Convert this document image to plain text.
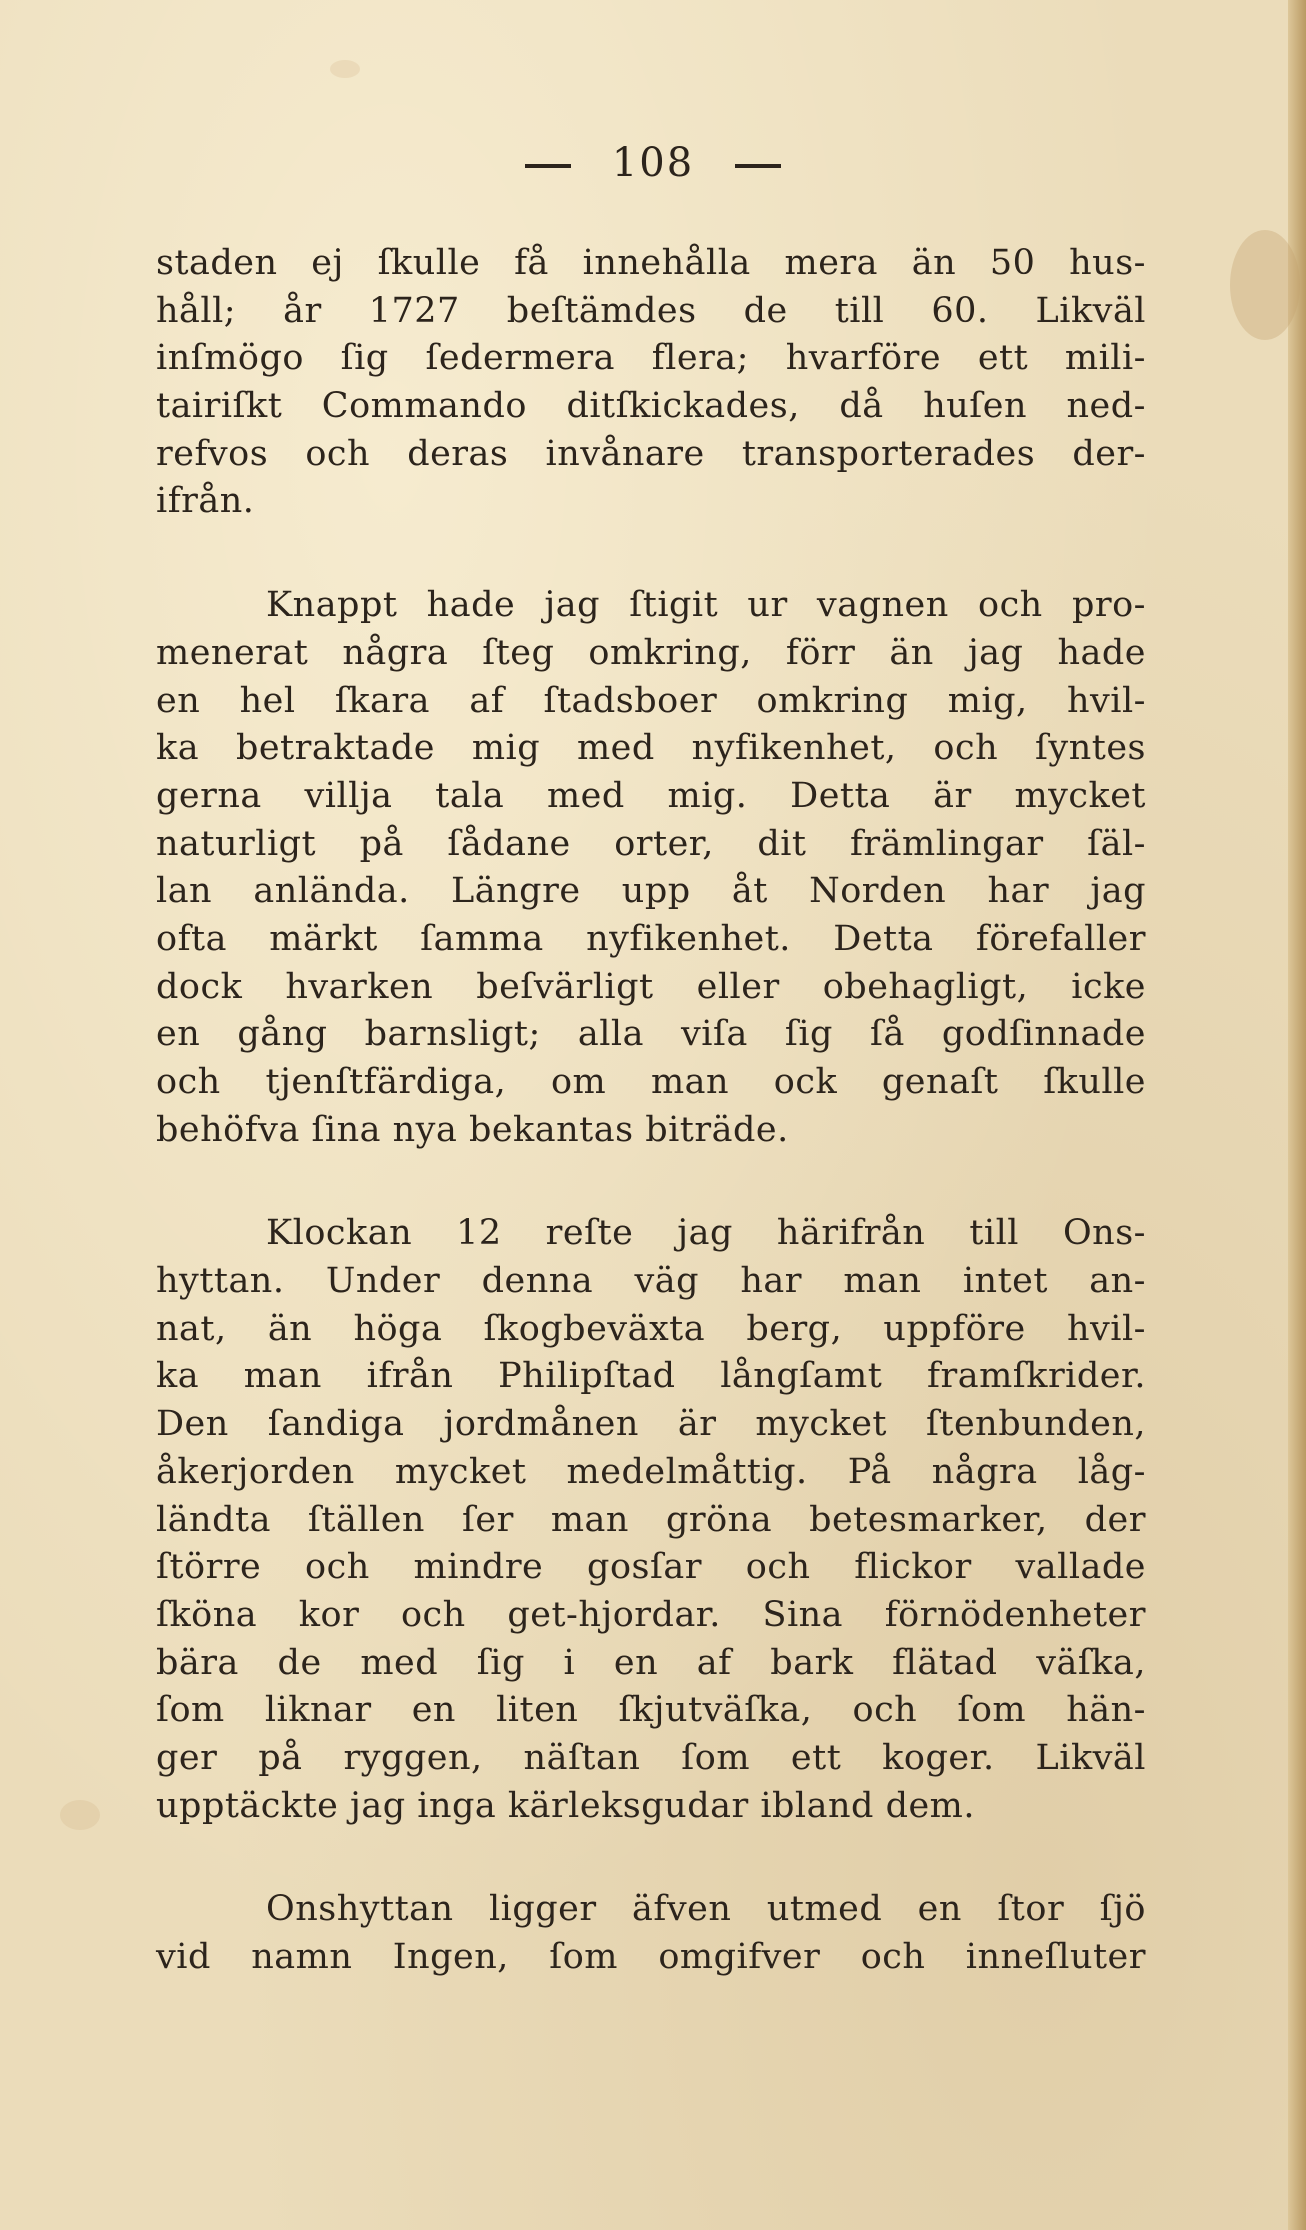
108
staden ej ſkulle få innehålla mera än 50 hus-
håll; år 1727 beſtämdes de till 60. Likväl
inſmögo ſig ſedermera flera; hvarföre ett mili-
tairiſkt Commando ditſkickades, då huſen ned-
refvos och deras invånare transporterades der-
ifrån.
Knappt hade jag ſtigit ur vagnen och pro-
menerat några ſteg omkring, förr än jag hade
en hel ſkara af ſtadsboer omkring mig, hvil-
ka betraktade mig med nyfikenhet, och ſyntes
gerna villja tala med mig. Detta är mycket
naturligt på ſådane orter, dit främlingar ſäl-
lan anlända. Längre upp åt Norden har jag
ofta märkt ſamma nyfikenhet. Detta förefaller
dock hvarken beſvärligt eller obehagligt, icke
en gång barnsligt; alla viſa ſig ſå godſinnade
och tjenſtfärdiga, om man ock genaſt ſkulle
behöfva ſina nya bekantas biträde.
Klockan 12 reſte jag härifrån till Ons-
hyttan. Under denna väg har man intet an-
nat, än höga ſkogbeväxta berg, uppföre hvil-
ka man ifrån Philipſtad långſamt framſkrider.
Den ſandiga jordmånen är mycket ſtenbunden,
åkerjorden mycket medelmåttig. På några låg-
ländta ſtällen ſer man gröna betesmarker, der
ſtörre och mindre gosſar och flickor vallade
ſköna kor och get-hjordar. Sina förnödenheter
bära de med ſig i en af bark flätad väſka,
ſom liknar en liten ſkjutväſka, och ſom hän-
ger på ryggen, näſtan ſom ett koger. Likväl
upptäckte jag inga kärleksgudar ibland dem.
Onshyttan ligger äfven utmed en ſtor ſjö
vid namn Ingen, ſom omgifver och inneſluter
